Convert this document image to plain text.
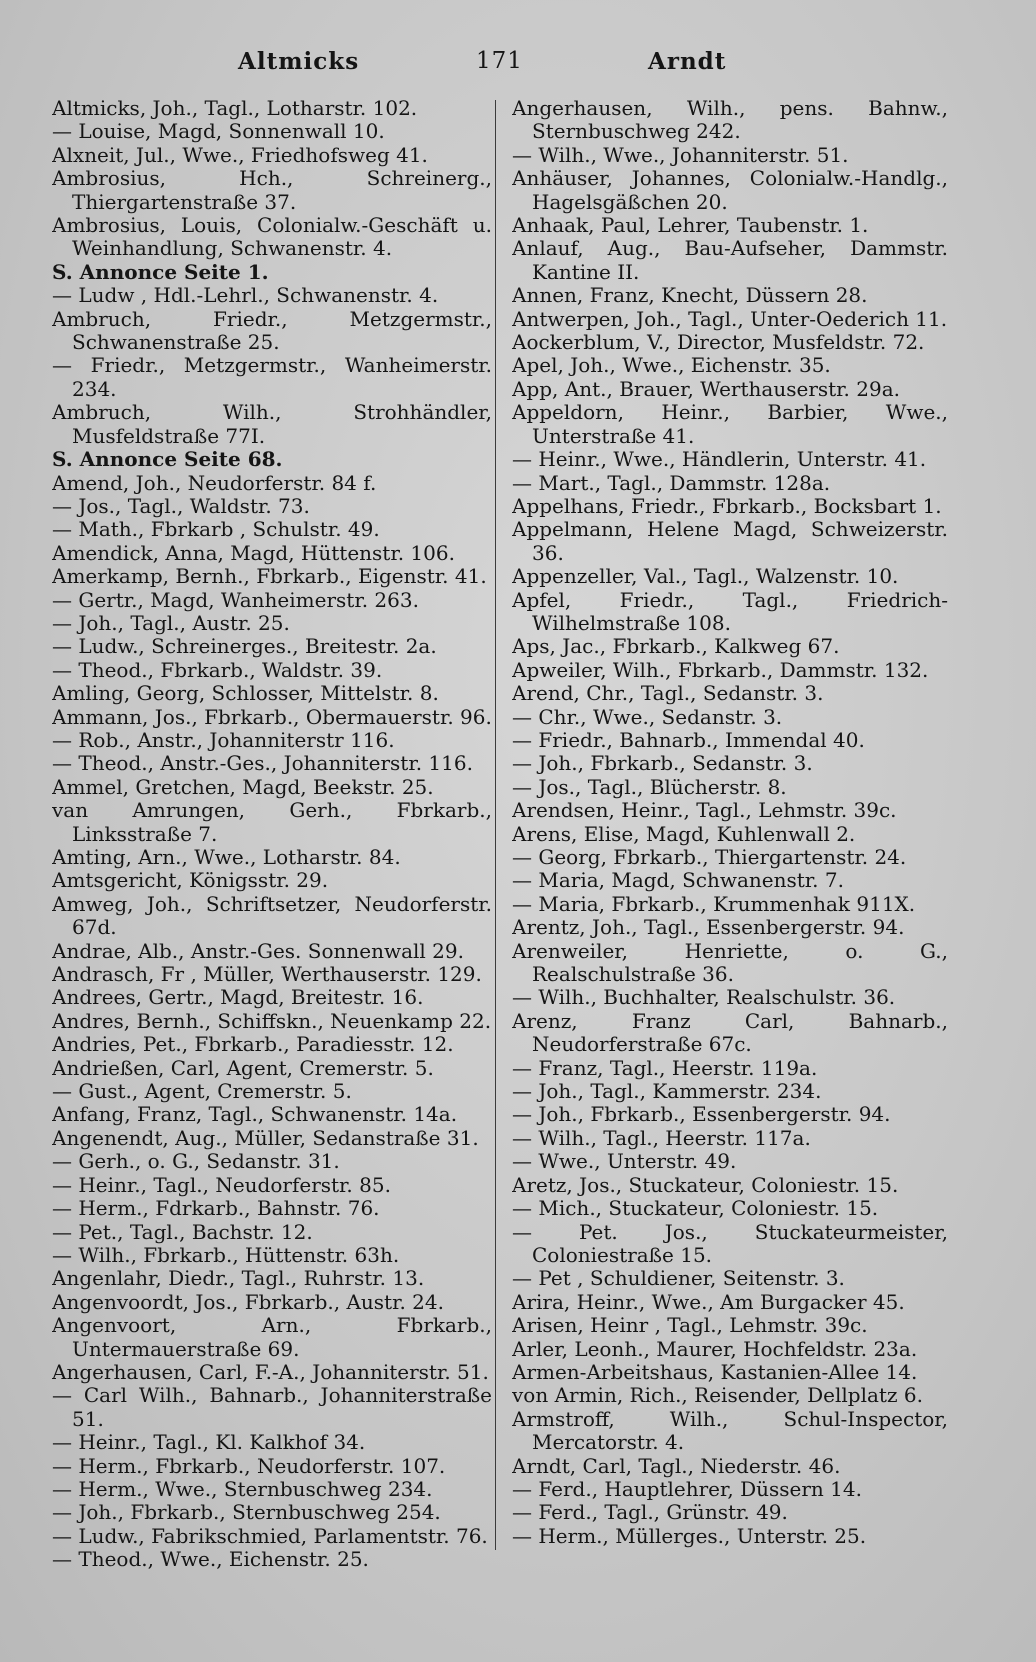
Altmicks	171	Arndt
Altmicks, Joh., Tagl., Lotharstr. 102.
— Louise, Magd, Sonnenwall 10.
Alxneit, Jul., Wwe., Friedhofsweg 41.
Ambrosius, Hch., Schreinerg., Thiergartenstraße 37.
Ambrosius, Louis, Colonialw.-Geschäft u. Weinhandlung, Schwanenstr. 4.
S. Annonce Seite 1.
— Ludw , Hdl.-Lehrl., Schwanenstr. 4.
Ambruch, Friedr., Metzgermstr., Schwanenstraße 25.
— Friedr., Metzgermstr., Wanheimerstr. 234.
Ambruch, Wilh., Strohhändler, Musfeldstraße 77I.
S. Annonce Seite 68.
Amend, Joh., Neudorferstr. 84 f.
— Jos., Tagl., Waldstr. 73.
— Math., Fbrkarb , Schulstr. 49.
Amendick, Anna, Magd, Hüttenstr. 106.
Amerkamp, Bernh., Fbrkarb., Eigenstr. 41.
— Gertr., Magd, Wanheimerstr. 263.
— Joh., Tagl., Austr. 25.
— Ludw., Schreinerges., Breitestr. 2a.
— Theod., Fbrkarb., Waldstr. 39.
Amling, Georg, Schlosser, Mittelstr. 8.
Ammann, Jos., Fbrkarb., Obermauerstr. 96.
— Rob., Anstr., Johanniterstr 116.
— Theod., Anstr.-Ges., Johanniterstr. 116.
Ammel, Gretchen, Magd, Beekstr. 25.
van Amrungen, Gerh., Fbrkarb., Linksstraße 7.
Amting, Arn., Wwe., Lotharstr. 84.
Amtsgericht, Königsstr. 29.
Amweg, Joh., Schriftsetzer, Neudorferstr. 67d.
Andrae, Alb., Anstr.-Ges. Sonnenwall 29.
Andrasch, Fr , Müller, Werthauserstr. 129.
Andrees, Gertr., Magd, Breitestr. 16.
Andres, Bernh., Schiffskn., Neuenkamp 22.
Andries, Pet., Fbrkarb., Paradiesstr. 12.
Andrießen, Carl, Agent, Cremerstr. 5.
— Gust., Agent, Cremerstr. 5.
Anfang, Franz, Tagl., Schwanenstr. 14a.
Angenendt, Aug., Müller, Sedanstraße 31.
— Gerh., o. G., Sedanstr. 31.
— Heinr., Tagl., Neudorferstr. 85.
— Herm., Fdrkarb., Bahnstr. 76.
— Pet., Tagl., Bachstr. 12.
— Wilh., Fbrkarb., Hüttenstr. 63h.
Angenlahr, Diedr., Tagl., Ruhrstr. 13.
Angenvoordt, Jos., Fbrkarb., Austr. 24.
Angenvoort, Arn., Fbrkarb., Untermauerstraße 69.
Angerhausen, Carl, F.-A., Johanniterstr. 51.
— Carl Wilh., Bahnarb., Johanniterstraße 51.
— Heinr., Tagl., Kl. Kalkhof 34.
— Herm., Fbrkarb., Neudorferstr. 107.
— Herm., Wwe., Sternbuschweg 234.
— Joh., Fbrkarb., Sternbuschweg 254.
— Ludw., Fabrikschmied, Parlamentstr. 76.
— Theod., Wwe., Eichenstr. 25.
Angerhausen, Wilh., pens. Bahnw., Sternbuschweg 242.
— Wilh., Wwe., Johanniterstr. 51.
Anhäuser, Johannes, Colonialw.-Handlg., Hagelsgäßchen 20.
Anhaak, Paul, Lehrer, Taubenstr. 1.
Anlauf, Aug., Bau-Aufseher, Dammstr. Kantine II.
Annen, Franz, Knecht, Düssern 28.
Antwerpen, Joh., Tagl., Unter-Oederich 11.
Aockerblum, V., Director, Musfeldstr. 72.
Apel, Joh., Wwe., Eichenstr. 35.
App, Ant., Brauer, Werthauserstr. 29a.
Appeldorn, Heinr., Barbier, Wwe., Unterstraße 41.
— Heinr., Wwe., Händlerin, Unterstr. 41.
— Mart., Tagl., Dammstr. 128a.
Appelhans, Friedr., Fbrkarb., Bocksbart 1.
Appelmann, Helene Magd, Schweizerstr. 36.
Appenzeller, Val., Tagl., Walzenstr. 10.
Apfel, Friedr., Tagl., Friedrich-Wilhelmstraße 108.
Aps, Jac., Fbrkarb., Kalkweg 67.
Apweiler, Wilh., Fbrkarb., Dammstr. 132.
Arend, Chr., Tagl., Sedanstr. 3.
— Chr., Wwe., Sedanstr. 3.
— Friedr., Bahnarb., Immendal 40.
— Joh., Fbrkarb., Sedanstr. 3.
— Jos., Tagl., Blücherstr. 8.
Arendsen, Heinr., Tagl., Lehmstr. 39c.
Arens, Elise, Magd, Kuhlenwall 2.
— Georg, Fbrkarb., Thiergartenstr. 24.
— Maria, Magd, Schwanenstr. 7.
— Maria, Fbrkarb., Krummenhak 911X.
Arentz, Joh., Tagl., Essenbergerstr. 94.
Arenweiler, Henriette, o. G., Realschulstraße 36.
— Wilh., Buchhalter, Realschulstr. 36.
Arenz, Franz Carl, Bahnarb., Neudorferstraße 67c.
— Franz, Tagl., Heerstr. 119a.
— Joh., Tagl., Kammerstr. 234.
— Joh., Fbrkarb., Essenbergerstr. 94.
— Wilh., Tagl., Heerstr. 117a.
— Wwe., Unterstr. 49.
Aretz, Jos., Stuckateur, Coloniestr. 15.
— Mich., Stuckateur, Coloniestr. 15.
— Pet. Jos., Stuckateurmeister, Coloniestraße 15.
— Pet , Schuldiener, Seitenstr. 3.
Arira, Heinr., Wwe., Am Burgacker 45.
Arisen, Heinr , Tagl., Lehmstr. 39c.
Arler, Leonh., Maurer, Hochfeldstr. 23a.
Armen-Arbeitshaus, Kastanien-Allee 14.
von Armin, Rich., Reisender, Dellplatz 6.
Armstroff, Wilh., Schul-Inspector, Mercatorstr. 4.
Arndt, Carl, Tagl., Niederstr. 46.
— Ferd., Hauptlehrer, Düssern 14.
— Ferd., Tagl., Grünstr. 49.
— Herm., Müllerges., Unterstr. 25.
